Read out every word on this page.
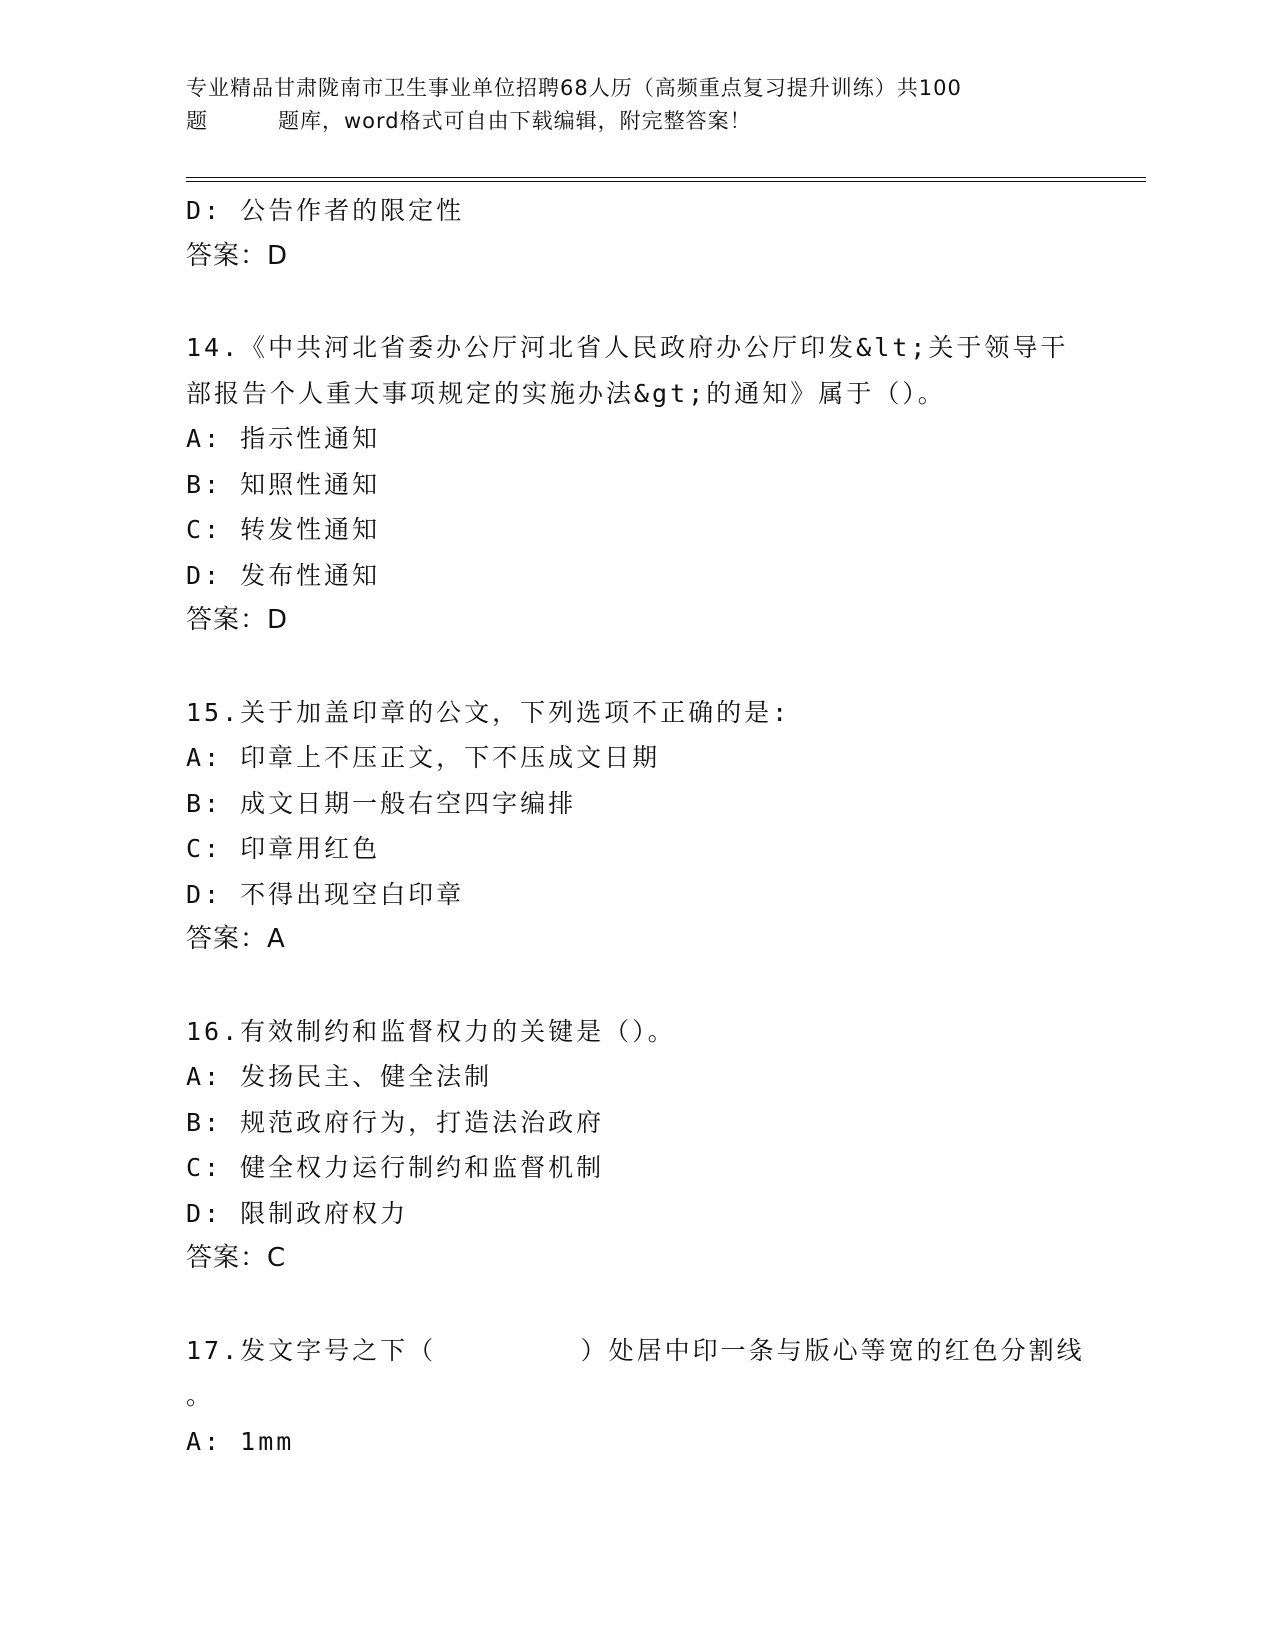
专业精品甘肃陇南市卫生事业单位招聘68人历（高频重点复习提升训练）共100
题	题库，word格式可自由下载编辑，附完整答案！
D: 公告作者的限定性
答案：D
14.《中共河北省委办公厅河北省人民政府办公厅印发&lt;关于领导干
部报告个人重大事项规定的实施办法&gt;的通知》属于（）。
A: 指示性通知
B: 知照性通知
C: 转发性通知
D: 发布性通知
答案：D
15.关于加盖印章的公文，下列选项不正确的是:
A: 印章上不压正文，下不压成文日期
B: 成文日期一般右空四字编排
C: 印章用红色
D: 不得出现空白印章
答案：A
16.有效制约和监督权力的关键是（）。
A: 发扬民主、健全法制
B: 规范政府行为，打造法治政府
C: 健全权力运行制约和监督机制
D: 限制政府权力
答案：C
17.发文字号之下（        ）处居中印一条与版心等宽的红色分割线
。
A: 1mm
